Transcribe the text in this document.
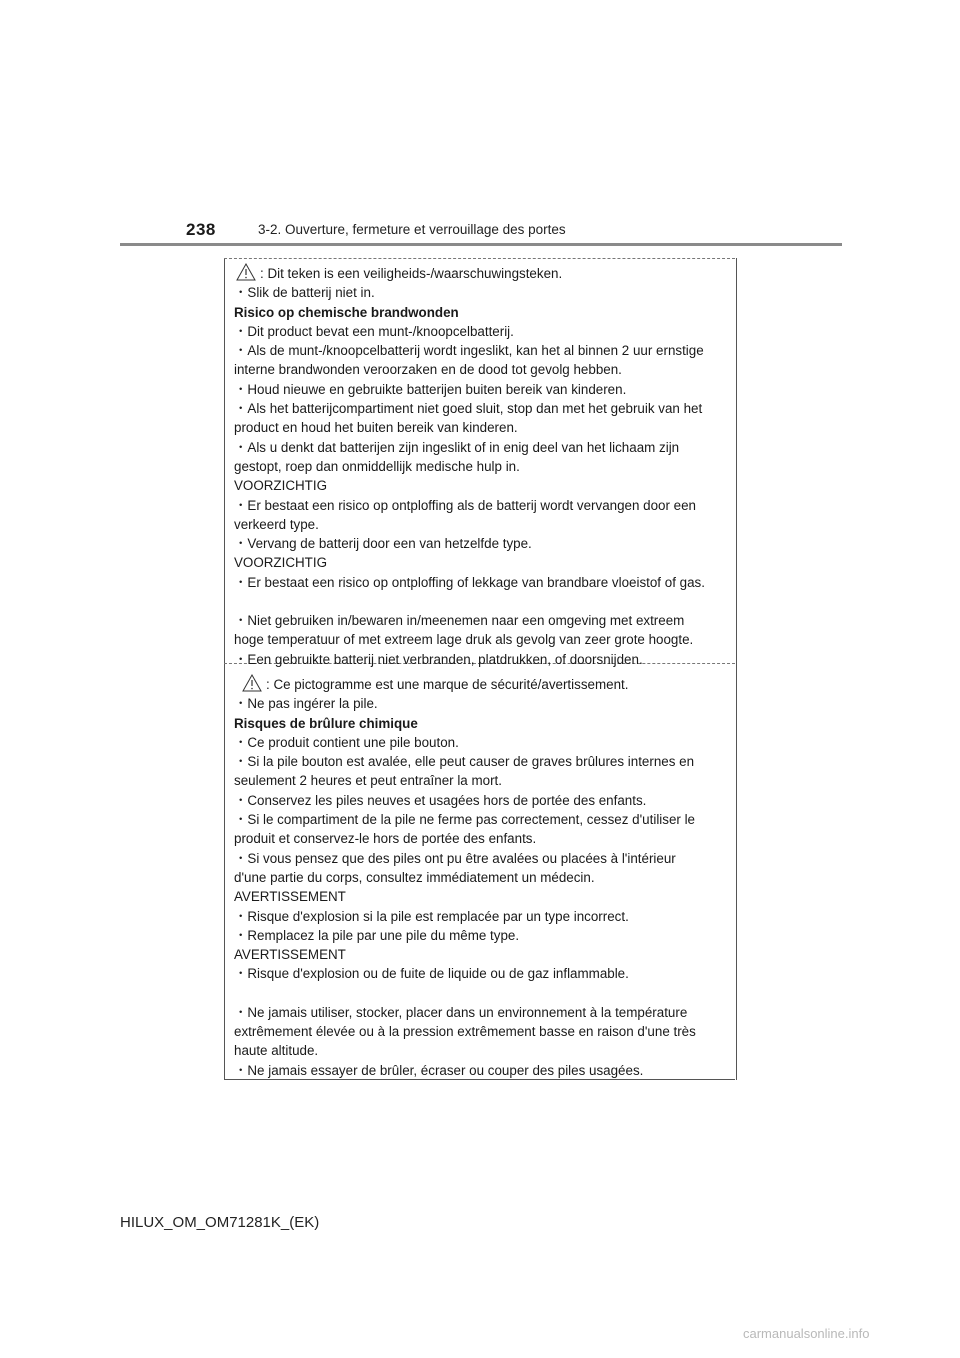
238	3-2. Ouverture, fermeture et verrouillage des portes
: Dit teken is een veiligheids-/waarschuwingsteken.
・Slik de batterij niet in.
Risico op chemische brandwonden
・Dit product bevat een munt-/knoopcelbatterij.
・Als de munt-/knoopcelbatterij wordt ingeslikt, kan het al binnen 2 uur ernstige
interne brandwonden veroorzaken en de dood tot gevolg hebben.
・Houd nieuwe en gebruikte batterijen buiten bereik van kinderen.
・Als het batterijcompartiment niet goed sluit, stop dan met het gebruik van het
product en houd het buiten bereik van kinderen.
・Als u denkt dat batterijen zijn ingeslikt of in enig deel van het lichaam zijn
gestopt, roep dan onmiddellijk medische hulp in.
VOORZICHTIG
・Er bestaat een risico op ontploffing als de batterij wordt vervangen door een
verkeerd type.
・Vervang de batterij door een van hetzelfde type.
VOORZICHTIG
・Er bestaat een risico op ontploffing of lekkage van brandbare vloeistof of gas.
・Niet gebruiken in/bewaren in/meenemen naar een omgeving met extreem
hoge temperatuur of met extreem lage druk als gevolg van zeer grote hoogte.
・Een gebruikte batterij niet verbranden, platdrukken, of doorsnijden.
: Ce pictogramme est une marque de sécurité/avertissement.
・Ne pas ingérer la pile.
Risques de brûlure chimique
・Ce produit contient une pile bouton.
・Si la pile bouton est avalée, elle peut causer de graves brûlures internes en
seulement 2 heures et peut entraîner la mort.
・Conservez les piles neuves et usagées hors de portée des enfants.
・Si le compartiment de la pile ne ferme pas correctement, cessez d'utiliser le
produit et conservez-le hors de portée des enfants.
・Si vous pensez que des piles ont pu être avalées ou placées à l'intérieur
d'une partie du corps, consultez immédiatement un médecin.
AVERTISSEMENT
・Risque d'explosion si la pile est remplacée par un type incorrect.
・Remplacez la pile par une pile du même type.
AVERTISSEMENT
・Risque d'explosion ou de fuite de liquide ou de gaz inflammable.
・Ne jamais utiliser, stocker, placer dans un environnement à la température
extrêmement élevée ou à la pression extrêmement basse en raison d'une très
haute altitude.
・Ne jamais essayer de brûler, écraser ou couper des piles usagées.
HILUX_OM_OM71281K_(EK)
carmanualsonline.info
